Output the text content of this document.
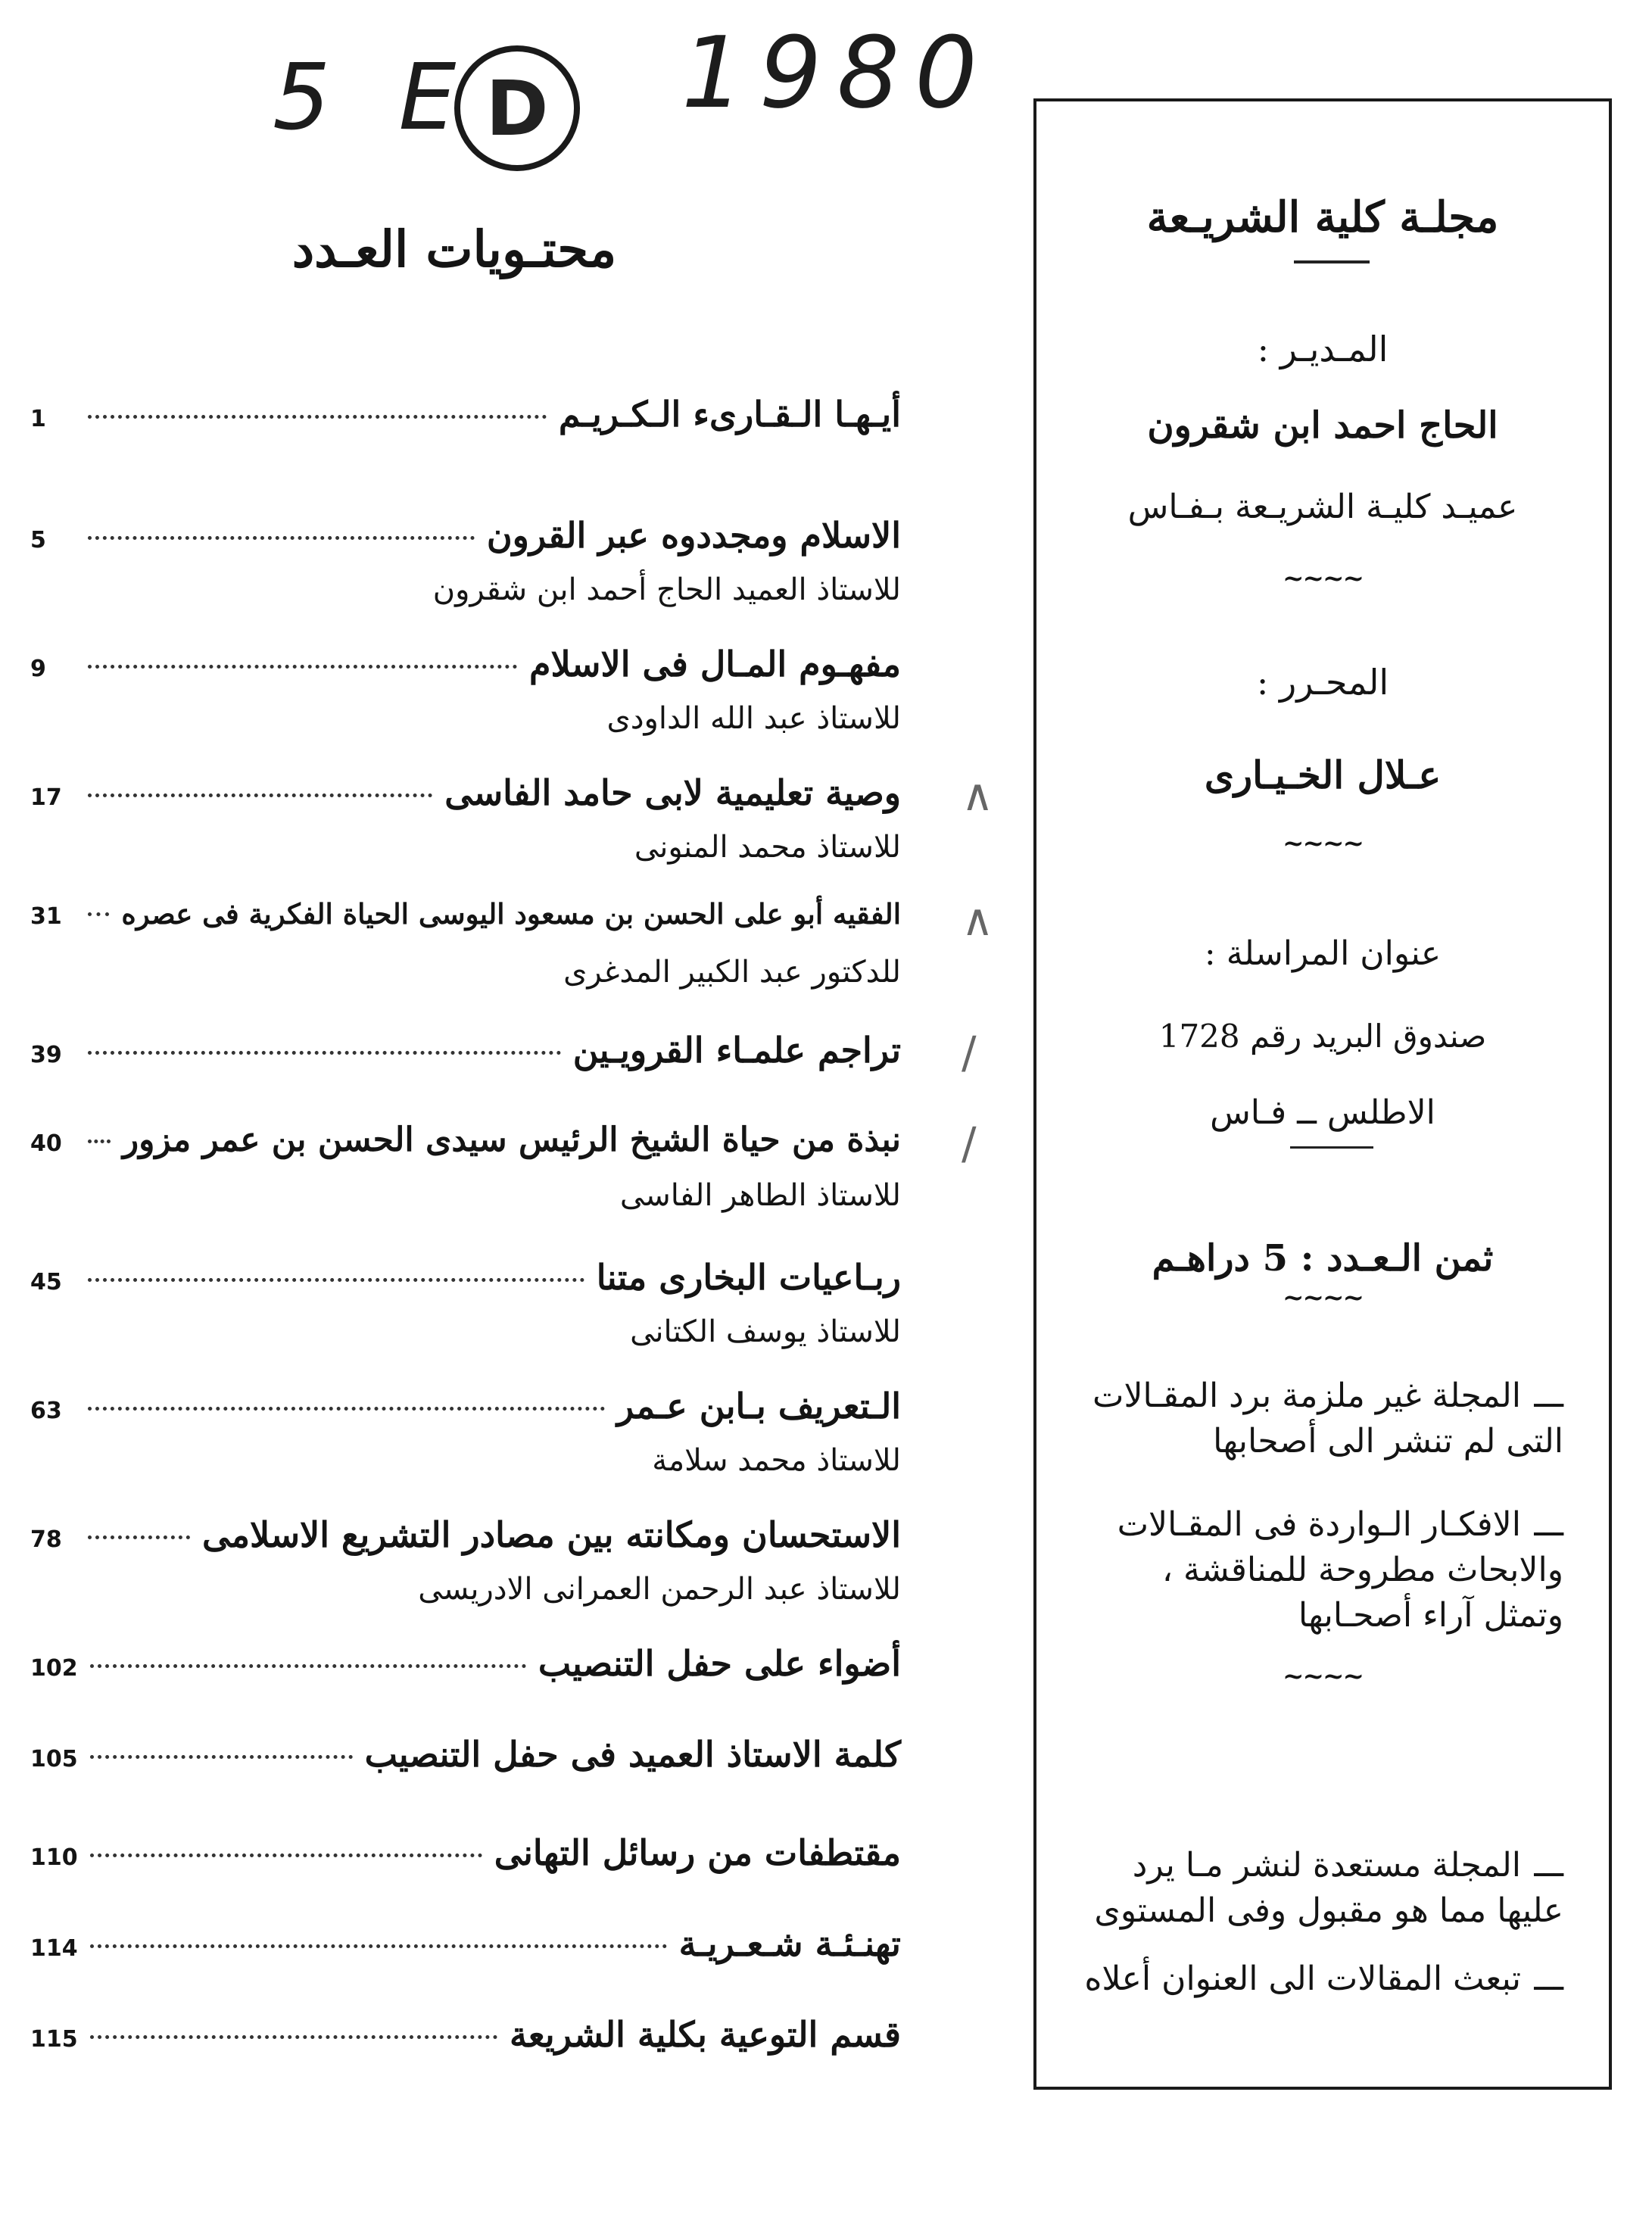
5 E D 1980
محتـويات العـدد
أيـهـا الـقـارىء الـكـريـم
1
الاسلام ومجددوه عبر القرون
5
للاستاذ العميد الحاج أحمد ابن شقرون
مفهـوم المـال فى الاسلام
9
للاستاذ عبد الله الداودى
وصية تعليمية لابى حامد الفاسى
17
للاستاذ محمد المنونى
∧
الفقيه أبو على الحسن بن مسعود اليوسى الحياة الفكرية فى عصره
31
للدكتور عبد الكبير المدغرى
∧
تراجم علمـاء القرويـين
39	/
نبذة من حياة الشيخ الرئيس سيدى الحسن بن عمر مزور
40
للاستاذ الطاهر الفاسى
/
ربـاعيات البخارى متنا
45
للاستاذ يوسف الكتانى
الـتعريف بـابن عـمر
63
للاستاذ محمد سلامة
الاستحسان ومكانته بين مصادر التشريع الاسلامى
78
للاستاذ عبد الرحمن العمرانى الادريسى
أضواء على حفل التنصيب
102
كلمة الاستاذ العميد فى حفل التنصيب
105
مقتطفات من رسائل التهانى
110
تهنـئـة شـعـريـة
114
قسم التوعية بكلية الشريعة
115
مجلـة كلية الشريـعة
المـديـر :
الحاج احمد ابن شقرون
عميـد كليـة الشريـعة بـفـاس
~~~~
المحـرر :
عـلال الخـيـارى
~~~~
عنوان المراسلة :
صندوق البريد رقم 1728
الاطلس ــ فـاس
ثمن الـعـدد : 5 دراهـم
~~~~
ـــالمجلة غير ملزمة برد المقـالات التى لم تنشر الى أصحابها
ـــالافكـار الـواردة فى المقـالات والابحاث مطروحة للمناقشة ، وتمثل آراء أصحـابها
~~~~
ـــالمجلة مستعدة لنشر مـا يرد عليها مما هو مقبول وفى المستوى
ـــتبعث المقالات الى العنوان أعلاه
